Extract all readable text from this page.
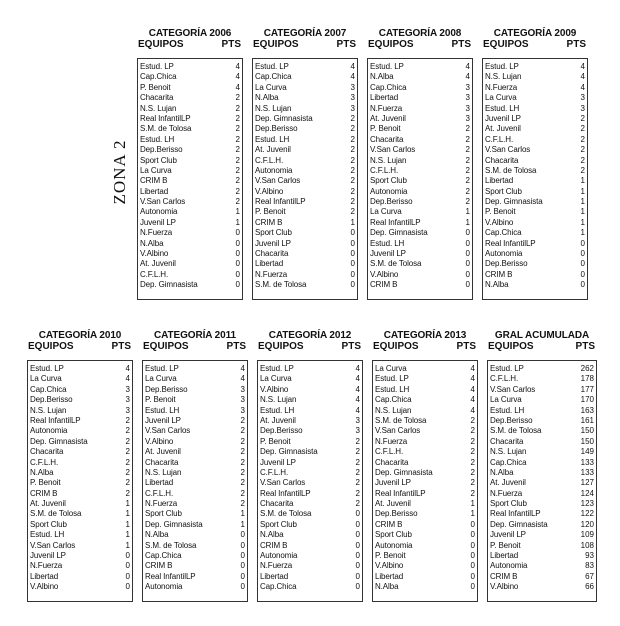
ZONA 2
CATEGORÍA 2006
EQUIPOS	PTS
Estud. LP	4
Cap.Chica	4
P. Benoit	4
Chacarita	2
N.S. Lujan	2
Real InfantilLP	2
S.M. de Tolosa	2
Estud. LH	2
Dep.Berisso	2
Sport Club	2
La Curva	2
CRIM B	2
Libertad	2
V.San Carlos	2
Autonomia	1
Juvenil LP	1
N.Fuerza	0
N.Alba	0
V.Albino	0
At. Juvenil	0
C.F.L.H.	0
Dep. Gimnasista	0
CATEGORÍA 2007
EQUIPOS	PTS
Estud. LP	4
Cap.Chica	4
La Curva	3
N.Alba	3
N.S. Lujan	3
Dep. Gimnasista	2
Dep.Berisso	2
Estud. LH	2
At. Juvenil	2
C.F.L.H.	2
Autonomia	2
V.San Carlos	2
V.Albino	2
Real InfantilLP	2
P. Benoit	2
CRIM B	1
Sport Club	0
Juvenil LP	0
Chacarita	0
Libertad	0
N.Fuerza	0
S.M. de Tolosa	0
CATEGORÍA 2008
EQUIPOS	PTS
Estud. LP	4
N.Alba	4
Cap.Chica	3
Libertad	3
N.Fuerza	3
At. Juvenil	3
P. Benoit	2
Chacarita	2
V.San Carlos	2
N.S. Lujan	2
C.F.L.H.	2
Sport Club	2
Autonomia	2
Dep.Berisso	2
La Curva	1
Real InfantilLP	1
Dep. Gimnasista	0
Estud. LH	0
Juvenil LP	0
S.M. de Tolosa	0
V.Albino	0
CRIM B	0
CATEGORÍA 2009
EQUIPOS	PTS
Estud. LP	4
N.S. Lujan	4
N.Fuerza	4
La Curva	3
Estud. LH	3
Juvenil LP	2
At. Juvenil	2
C.F.L.H.	2
V.San Carlos	2
Chacarita	2
S.M. de Tolosa	2
Libertad	1
Sport Club	1
Dep. Gimnasista	1
P. Benoit	1
V.Albino	1
Cap.Chica	1
Real InfantilLP	0
Autonomia	0
Dep.Berisso	0
CRIM B	0
N.Alba	0
CATEGORÍA 2010
EQUIPOS	PTS
Estud. LP	4
La Curva	4
Cap.Chica	3
Dep.Berisso	3
N.S. Lujan	3
Real InfantilLP	2
Autonomia	2
Dep. Gimnasista	2
Chacarita	2
C.F.L.H.	2
N.Alba	2
P. Benoit	2
CRIM B	2
At. Juvenil	1
S.M. de Tolosa	1
Sport Club	1
Estud. LH	1
V.San Carlos	1
Juvenil LP	0
N.Fuerza	0
Libertad	0
V.Albino	0
CATEGORÍA 2011
EQUIPOS	PTS
Estud. LP	4
La Curva	4
Dep.Berisso	3
P. Benoit	3
Estud. LH	3
Juvenil LP	2
V.San Carlos	2
V.Albino	2
At. Juvenil	2
Chacarita	2
N.S. Lujan	2
Libertad	2
C.F.L.H.	2
N.Fuerza	2
Sport Club	1
Dep. Gimnasista	1
N.Alba	0
S.M. de Tolosa	0
Cap.Chica	0
CRIM B	0
Real InfantilLP	0
Autonomia	0
CATEGORÍA 2012
EQUIPOS	PTS
Estud. LP	4
La Curva	4
V.Albino	4
N.S. Lujan	4
Estud. LH	4
At. Juvenil	3
Dep.Berisso	3
P. Benoit	2
Dep. Gimnasista	2
Juvenil LP	2
C.F.L.H.	2
V.San Carlos	2
Real InfantilLP	2
Chacarita	2
S.M. de Tolosa	0
Sport Club	0
N.Alba	0
CRIM B	0
Autonomia	0
N.Fuerza	0
Libertad	0
Cap.Chica	0
CATEGORÍA 2013
EQUIPOS	PTS
La Curva	4
Estud. LP	4
Estud. LH	4
Cap.Chica	4
N.S. Lujan	4
S.M. de Tolosa	2
V.San Carlos	2
N.Fuerza	2
C.F.L.H.	2
Chacarita	2
Dep. Gimnasista	2
Juvenil LP	2
Real InfantilLP	2
At. Juvenil	1
Dep.Berisso	1
CRIM B	0
Sport Club	0
Autonomia	0
P. Benoit	0
V.Albino	0
Libertad	0
N.Alba	0
GRAL ACUMULADA
EQUIPOS	PTS
Estud. LP	262
C.F.L.H.	178
V.San Carlos	177
La Curva	170
Estud. LH	163
Dep.Berisso	161
S.M. de Tolosa	150
Chacarita	150
N.S. Lujan	149
Cap.Chica	133
N.Alba	133
At. Juvenil	127
N.Fuerza	124
Sport Club	123
Real InfantilLP	122
Dep. Gimnasista	120
Juvenil LP	109
P. Benoit	108
Libertad	93
Autonomia	83
CRIM B	67
V.Albino	66
